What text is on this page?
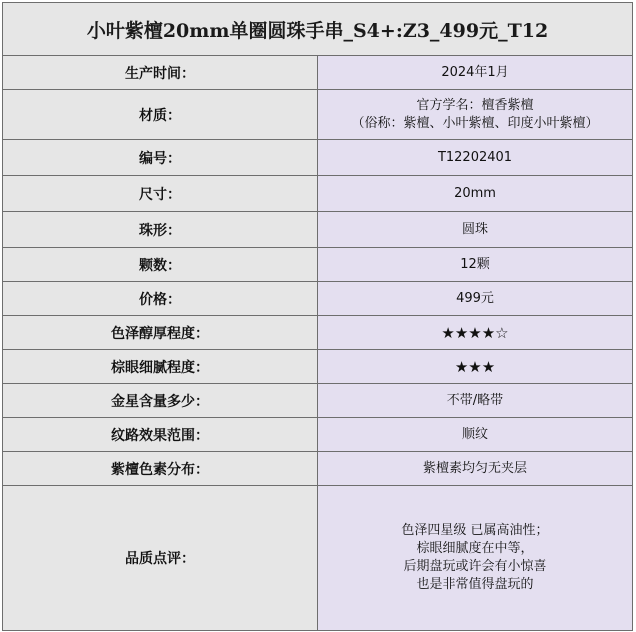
小叶紫檀20mm单圈圆珠手串_S4+:Z3_499元_T12	
生产时间：	2024年1月
材质：	官方学名：檀香紫檀
（俗称：紫檀、小叶紫檀、印度小叶紫檀）

编号：	T12202401
尺寸：	20mm
珠形：	圆珠
颗数：	12颗
价格：	499元
色泽醇厚程度：	★★★★☆
棕眼细腻程度：	★★★
金星含量多少：	不带/略带
纹路效果范围：	顺纹
紫檀色素分布：	紫檀素均匀无夹层
品质点评：	色泽四星级 已属高油性；
棕眼细腻度在中等，
后期盘玩或许会有小惊喜
也是非常值得盘玩的
